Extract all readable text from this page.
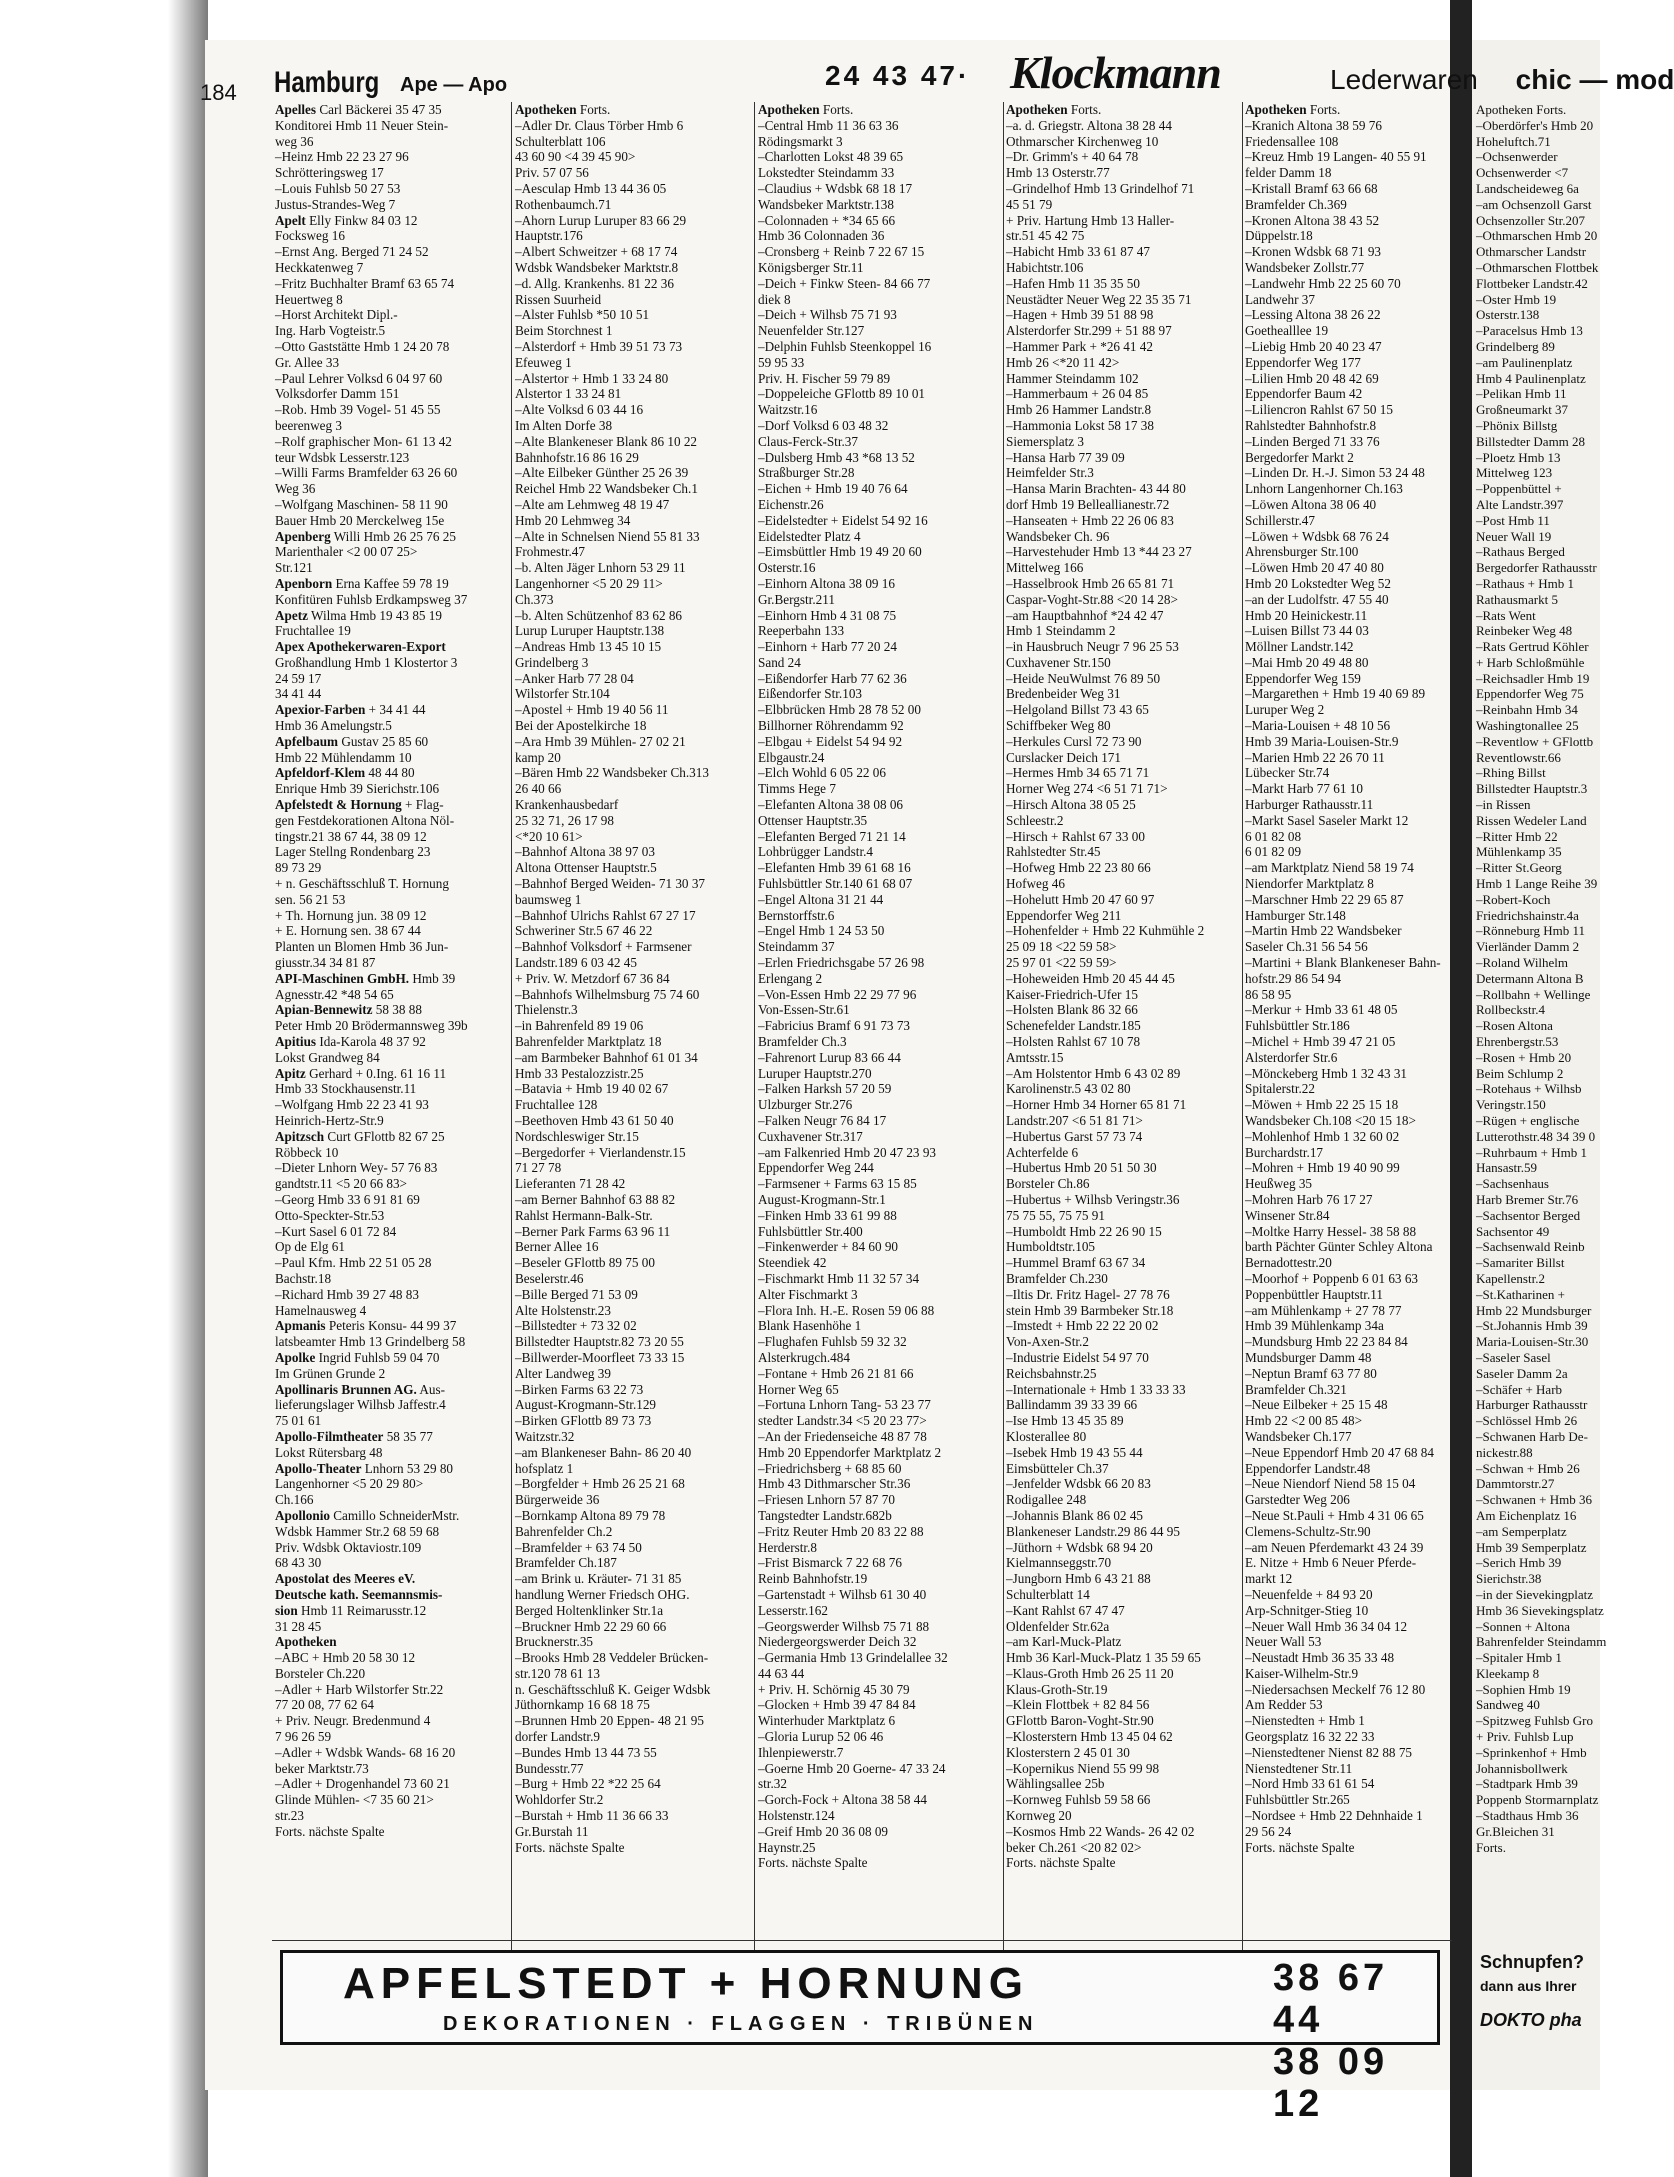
Apotheken Forts.
–Oberdörfer's Hmb 20
Hoheluftch.71
–Ochsenwerder
Ochsenwerder <7
Landscheideweg 6a
–am Ochsenzoll Garst
Ochsenzoller Str.207
–Othmarschen Hmb 20
Othmarscher Landstr
–Othmarschen Flottbek
Flottbeker Landstr.42
–Oster Hmb 19
Osterstr.138
–Paracelsus Hmb 13
Grindelberg 89
–am Paulinenplatz
Hmb 4 Paulinenplatz
–Pelikan Hmb 11
Großneumarkt 37
–Phönix Billstg
Billstedter Damm 28
–Ploetz Hmb 13
Mittelweg 123
–Poppenbüttel +
Alte Landstr.397
–Post Hmb 11
Neuer Wall 19
–Rathaus Berged
Bergedorfer Rathausstr
–Rathaus + Hmb 1
Rathausmarkt 5
–Rats Went
Reinbeker Weg 48
–Rats Gertrud Köhler
+ Harb Schloßmühle
–Reichsadler Hmb 19
Eppendorfer Weg 75
–Reinbahn Hmb 34
Washingtonallee 25
–Reventlow + GFlottb
Reventlowstr.66
–Rhing Billst
Billstedter Hauptstr.3
–in Rissen
Rissen Wedeler Land
–Ritter Hmb 22
Mühlenkamp 35
–Ritter St.Georg
Hmb 1 Lange Reihe 39
–Robert-Koch
Friedrichshainstr.4a
–Rönneburg Hmb 11
Vierländer Damm 2
–Roland Wilhelm
Determann Altona B
–Rollbahn + Wellinge
Rollbeckstr.4
–Rosen Altona
Ehrenbergstr.53
–Rosen + Hmb 20
Beim Schlump 2
–Rotehaus + Wilhsb
Veringstr.150
–Rügen + englische
Lutterothstr.48 34 39 0
–Ruhrbaum + Hmb 1
Hansastr.59
–Sachsenhaus
Harb Bremer Str.76
–Sachsentor Berged
Sachsentor 49
–Sachsenwald Reinb
–Samariter Billst
Kapellenstr.2
–St.Katharinen +
Hmb 22 Mundsburger
–St.Johannis Hmb 39
Maria-Louisen-Str.30
–Saseler Sasel
Saseler Damm 2a
–Schäfer + Harb
Harburger Rathausstr
–Schlössel Hmb 26
–Schwanen Harb De-
nickestr.88
–Schwan + Hmb 26
Dammtorstr.27
–Schwanen + Hmb 36
Am Eichenplatz 16
–am Semperplatz
Hmb 39 Semperplatz
–Serich Hmb 39
Sierichstr.38
–in der Sievekingplatz
Hmb 36 Sievekingsplatz
–Sonnen + Altona
Bahrenfelder Steindamm
–Spitaler Hmb 1
Kleekamp 8
–Sophien Hmb 19
Sandweg 40
–Spitzweg Fuhlsb Gro
+ Priv. Fuhlsb Lup
–Sprinkenhof + Hmb
Johannisbollwerk
–Stadtpark Hmb 39
Poppenb Stormarnplatz
–Stadthaus Hmb 36
Gr.Bleichen 31
Forts.
184 Hamburg Ape — Apo	24 43 47· Klockmann	Lederwaren chic — mod
Apelles Carl Bäckerei 35 47 35
Konditorei Hmb 11 Neuer Stein-
weg 36
–Heinz Hmb 22 23 27 96
Schrötteringsweg 17
–Louis Fuhlsb 50 27 53
Justus-Strandes-Weg 7
Apelt Elly Finkw 84 03 12
Focksweg 16
–Ernst Ang. Berged 71 24 52
Heckkatenweg 7
–Fritz Buchhalter Bramf 63 65 74
Heuertweg 8
–Horst Architekt Dipl.-
Ing. Harb Vogteistr.5
–Otto Gaststätte Hmb 1 24 20 78
Gr. Allee 33
–Paul Lehrer Volksd 6 04 97 60
Volksdorfer Damm 151
–Rob. Hmb 39 Vogel- 51 45 55
beerenweg 3
–Rolf graphischer Mon- 61 13 42
teur Wdsbk Lesserstr.123
–Willi Farms Bramfelder 63 26 60
Weg 36
–Wolfgang Maschinen- 58 11 90
Bauer Hmb 20 Merckelweg 15e
Apenberg Willi Hmb 26 25 76 25
Marienthaler <2 00 07 25>
Str.121
Apenborn Erna Kaffee 59 78 19
Konfitüren Fuhlsb Erdkampsweg 37
Apetz Wilma Hmb 19 43 85 19
Fruchtallee 19
Apex Apothekerwaren-Export
Großhandlung Hmb 1 Klostertor 3
24 59 17
34 41 44
Apexior-Farben + 34 41 44
Hmb 36 Amelungstr.5
Apfelbaum Gustav 25 85 60
Hmb 22 Mühlendamm 10
Apfeldorf-Klem 48 44 80
Enrique Hmb 39 Sierichstr.106
Apfelstedt & Hornung + Flag-
gen Festdekorationen Altona Nöl-
tingstr.21 38 67 44, 38 09 12
Lager Stellng Rondenbarg 23
89 73 29
+ n. Geschäftsschluß T. Hornung
sen. 56 21 53
+ Th. Hornung jun. 38 09 12
+ E. Hornung sen. 38 67 44
Planten un Blomen Hmb 36 Jun-
giusstr.34 34 81 87
API-Maschinen GmbH. Hmb 39
Agnesstr.42 *48 54 65
Apian-Bennewitz 58 38 88
Peter Hmb 20 Brödermannsweg 39b
Apitius Ida-Karola 48 37 92
Lokst Grandweg 84
Apitz Gerhard + 0.Ing. 61 16 11
Hmb 33 Stockhausenstr.11
–Wolfgang Hmb 22 23 41 93
Heinrich-Hertz-Str.9
Apitzsch Curt GFlottb 82 67 25
Röbbeck 10
–Dieter Lnhorn Wey- 57 76 83
gandtstr.11 <5 20 66 83>
–Georg Hmb 33 6 91 81 69
Otto-Speckter-Str.53
–Kurt Sasel 6 01 72 84
Op de Elg 61
–Paul Kfm. Hmb 22 51 05 28
Bachstr.18
–Richard Hmb 39 27 48 83
Hamelnausweg 4
Apmanis Peteris Konsu- 44 99 37
latsbeamter Hmb 13 Grindelberg 58
Apolke Ingrid Fuhlsb 59 04 70
Im Grünen Grunde 2
Apollinaris Brunnen AG. Aus-
lieferungslager Wilhsb Jaffestr.4
75 01 61
Apollo-Filmtheater 58 35 77
Lokst Rütersbarg 48
Apollo-Theater Lnhorn 53 29 80
Langenhorner <5 20 29 80>
Ch.166
Apollonio Camillo SchneiderMstr.
Wdsbk Hammer Str.2 68 59 68
Priv. Wdsbk Oktaviostr.109
68 43 30
Apostolat des Meeres eV.
Deutsche kath. Seemannsmis-
sion Hmb 11 Reimarusstr.12
31 28 45
Apotheken
–ABC + Hmb 20 58 30 12
Borsteler Ch.220
–Adler + Harb Wilstorfer Str.22
77 20 08, 77 62 64
+ Priv. Neugr. Bredenmund 4
7 96 26 59
–Adler + Wdsbk Wands- 68 16 20
beker Marktstr.73
–Adler + Drogenhandel 73 60 21
Glinde Mühlen- <7 35 60 21>
str.23
Forts. nächste Spalte
Apotheken Forts.
–Adler Dr. Claus Törber Hmb 6
Schulterblatt 106
43 60 90 <4 39 45 90>
Priv. 57 07 56
–Aesculap Hmb 13 44 36 05
Rothenbaumch.71
–Ahorn Lurup Luruper 83 66 29
Hauptstr.176
–Albert Schweitzer + 68 17 74
Wdsbk Wandsbeker Marktstr.8
–d. Allg. Krankenhs. 81 22 36
Rissen Suurheid
–Alster Fuhlsb *50 10 51
Beim Storchnest 1
–Alsterdorf + Hmb 39 51 73 73
Efeuweg 1
–Alstertor + Hmb 1 33 24 80
Alstertor 1 33 24 81
–Alte Volksd 6 03 44 16
Im Alten Dorfe 38
–Alte Blankeneser Blank 86 10 22
Bahnhofstr.16 86 16 29
–Alte Eilbeker Günther 25 26 39
Reichel Hmb 22 Wandsbeker Ch.1
–Alte am Lehmweg 48 19 47
Hmb 20 Lehmweg 34
–Alte in Schnelsen Niend 55 81 33
Frohmestr.47
–b. Alten Jäger Lnhorn 53 29 11
Langenhorner <5 20 29 11>
Ch.373
–b. Alten Schützenhof 83 62 86
Lurup Luruper Hauptstr.138
–Andreas Hmb 13 45 10 15
Grindelberg 3
–Anker Harb 77 28 04
Wilstorfer Str.104
–Apostel + Hmb 19 40 56 11
Bei der Apostelkirche 18
–Ara Hmb 39 Mühlen- 27 02 21
kamp 20
–Bären Hmb 22 Wandsbeker Ch.313
26 40 66
Krankenhausbedarf
25 32 71, 26 17 98
<*20 10 61>
–Bahnhof Altona 38 97 03
Altona Ottenser Hauptstr.5
–Bahnhof Berged Weiden- 71 30 37
baumsweg 1
–Bahnhof Ulrichs Rahlst 67 27 17
Schweriner Str.5 67 46 22
–Bahnhof Volksdorf + Farmsener
Landstr.189 6 03 42 45
+ Priv. W. Metzdorf 67 36 84
–Bahnhofs Wilhelmsburg 75 74 60
Thielenstr.3
–in Bahrenfeld 89 19 06
Bahrenfelder Marktplatz 18
–am Barmbeker Bahnhof 61 01 34
Hmb 33 Pestalozzistr.25
–Batavia + Hmb 19 40 02 67
Fruchtallee 128
–Beethoven Hmb 43 61 50 40
Nordschleswiger Str.15
–Bergedorfer + Vierlandenstr.15
71 27 78
Lieferanten 71 28 42
–am Berner Bahnhof 63 88 82
Rahlst Hermann-Balk-Str.
–Berner Park Farms 63 96 11
Berner Allee 16
–Beseler GFlottb 89 75 00
Beselerstr.46
–Bille Berged 71 53 09
Alte Holstenstr.23
–Billstedter + 73 32 02
Billstedter Hauptstr.82 73 20 55
–Billwerder-Moorfleet 73 33 15
Alter Landweg 39
–Birken Farms 63 22 73
August-Krogmann-Str.129
–Birken GFlottb 89 73 73
Waitzstr.32
–am Blankeneser Bahn- 86 20 40
hofsplatz 1
–Borgfelder + Hmb 26 25 21 68
Bürgerweide 36
–Bornkamp Altona 89 79 78
Bahrenfelder Ch.2
–Bramfelder + 63 74 50
Bramfelder Ch.187
–am Brink u. Kräuter- 71 31 85
handlung Werner Friedsch OHG.
Berged Holtenklinker Str.1a
–Bruckner Hmb 22 29 60 66
Brucknerstr.35
–Brooks Hmb 28 Veddeler Brücken-
str.120 78 61 13
n. Geschäftsschluß K. Geiger Wdsbk
Jüthornkamp 16 68 18 75
–Brunnen Hmb 20 Eppen- 48 21 95
dorfer Landstr.9
–Bundes Hmb 13 44 73 55
Bundesstr.77
–Burg + Hmb 22 *22 25 64
Wohldorfer Str.2
–Burstah + Hmb 11 36 66 33
Gr.Burstah 11
Forts. nächste Spalte
Apotheken Forts.
–Central Hmb 11 36 63 36
Rödingsmarkt 3
–Charlotten Lokst 48 39 65
Lokstedter Steindamm 33
–Claudius + Wdsbk 68 18 17
Wandsbeker Marktstr.138
–Colonnaden + *34 65 66
Hmb 36 Colonnaden 36
–Cronsberg + Reinb 7 22 67 15
Königsberger Str.11
–Deich + Finkw Steen- 84 66 77
diek 8
–Deich + Wilhsb 75 71 93
Neuenfelder Str.127
–Delphin Fuhlsb Steenkoppel 16
59 95 33
Priv. H. Fischer 59 79 89
–Doppeleiche GFlottb 89 10 01
Waitzstr.16
–Dorf Volksd 6 03 48 32
Claus-Ferck-Str.37
–Dulsberg Hmb 43 *68 13 52
Straßburger Str.28
–Eichen + Hmb 19 40 76 64
Eichenstr.26
–Eidelstedter + Eidelst 54 92 16
Eidelstedter Platz 4
–Eimsbüttler Hmb 19 49 20 60
Osterstr.16
–Einhorn Altona 38 09 16
Gr.Bergstr.211
–Einhorn Hmb 4 31 08 75
Reeperbahn 133
–Einhorn + Harb 77 20 24
Sand 24
–Eißendorfer Harb 77 62 36
Eißendorfer Str.103
–Elbbrücken Hmb 28 78 52 00
Billhorner Röhrendamm 92
–Elbgau + Eidelst 54 94 92
Elbgaustr.24
–Elch Wohld 6 05 22 06
Timms Hege 7
–Elefanten Altona 38 08 06
Ottenser Hauptstr.35
–Elefanten Berged 71 21 14
Lohbrügger Landstr.4
–Elefanten Hmb 39 61 68 16
Fuhlsbüttler Str.140 61 68 07
–Engel Altona 31 21 44
Bernstorffstr.6
–Engel Hmb 1 24 53 50
Steindamm 37
–Erlen Friedrichsgabe 57 26 98
Erlengang 2
–Von-Essen Hmb 22 29 77 96
Von-Essen-Str.61
–Fabricius Bramf 6 91 73 73
Bramfelder Ch.3
–Fahrenort Lurup 83 66 44
Luruper Hauptstr.270
–Falken Harksh 57 20 59
Ulzburger Str.276
–Falken Neugr 76 84 17
Cuxhavener Str.317
–am Falkenried Hmb 20 47 23 93
Eppendorfer Weg 244
–Farmsener + Farms 63 15 85
August-Krogmann-Str.1
–Finken Hmb 33 61 99 88
Fuhlsbüttler Str.400
–Finkenwerder + 84 60 90
Steendiek 42
–Fischmarkt Hmb 11 32 57 34
Alter Fischmarkt 3
–Flora Inh. H.-E. Rosen 59 06 88
Blank Hasenhöhe 1
–Flughafen Fuhlsb 59 32 32
Alsterkrugch.484
–Fontane + Hmb 26 21 81 66
Horner Weg 65
–Fortuna Lnhorn Tang- 53 23 77
stedter Landstr.34 <5 20 23 77>
–An der Friedenseiche 48 87 78
Hmb 20 Eppendorfer Marktplatz 2
–Friedrichsberg + 68 85 60
Hmb 43 Dithmarscher Str.36
–Friesen Lnhorn 57 87 70
Tangstedter Landstr.682b
–Fritz Reuter Hmb 20 83 22 88
Herderstr.8
–Frist Bismarck 7 22 68 76
Reinb Bahnhofstr.19
–Gartenstadt + Wilhsb 61 30 40
Lesserstr.162
–Georgswerder Wilhsb 75 71 88
Niedergeorgswerder Deich 32
–Germania Hmb 13 Grindelallee 32
44 63 44
+ Priv. H. Schörnig 45 30 79
–Glocken + Hmb 39 47 84 84
Winterhuder Marktplatz 6
–Gloria Lurup 52 06 46
Ihlenpiewerstr.7
–Goerne Hmb 20 Goerne- 47 33 24
str.32
–Gorch-Fock + Altona 38 58 44
Holstenstr.124
–Greif Hmb 20 36 08 09
Haynstr.25
Forts. nächste Spalte
Apotheken Forts.
–a. d. Griegstr. Altona 38 28 44
Othmarscher Kirchenweg 10
–Dr. Grimm's + 40 64 78
Hmb 13 Osterstr.77
–Grindelhof Hmb 13 Grindelhof 71
45 51 79
+ Priv. Hartung Hmb 13 Haller-
str.51 45 42 75
–Habicht Hmb 33 61 87 47
Habichtstr.106
–Hafen Hmb 11 35 35 50
Neustädter Neuer Weg 22 35 35 71
–Hagen + Hmb 39 51 88 98
Alsterdorfer Str.299 + 51 88 97
–Hammer Park + *26 41 42
Hmb 26 <*20 11 42>
Hammer Steindamm 102
–Hammerbaum + 26 04 85
Hmb 26 Hammer Landstr.8
–Hammonia Lokst 58 17 38
Siemersplatz 3
–Hansa Harb 77 39 09
Heimfelder Str.3
–Hansa Marin Brachten- 43 44 80
dorf Hmb 19 Belleallianestr.72
–Hanseaten + Hmb 22 26 06 83
Wandsbeker Ch. 96
–Harvestehuder Hmb 13 *44 23 27
Mittelweg 166
–Hasselbrook Hmb 26 65 81 71
Caspar-Voght-Str.88 <20 14 28>
–am Hauptbahnhof *24 42 47
Hmb 1 Steindamm 2
–in Hausbruch Neugr 7 96 25 53
Cuxhavener Str.150
–Heide NeuWulmst 76 89 50
Bredenbeider Weg 31
–Helgoland Billst 73 43 65
Schiffbeker Weg 80
–Herkules Cursl 72 73 90
Curslacker Deich 171
–Hermes Hmb 34 65 71 71
Horner Weg 274 <6 51 71 71>
–Hirsch Altona 38 05 25
Schleestr.2
–Hirsch + Rahlst 67 33 00
Rahlstedter Str.45
–Hofweg Hmb 22 23 80 66
Hofweg 46
–Hohelutt Hmb 20 47 60 97
Eppendorfer Weg 211
–Hohenfelder + Hmb 22 Kuhmühle 2
25 09 18 <22 59 58>
25 97 01 <22 59 59>
–Hoheweiden Hmb 20 45 44 45
Kaiser-Friedrich-Ufer 15
–Holsten Blank 86 32 66
Schenefelder Landstr.185
–Holsten Rahlst 67 10 78
Amtsstr.15
–Am Holstentor Hmb 6 43 02 89
Karolinenstr.5 43 02 80
–Horner Hmb 34 Horner 65 81 71
Landstr.207 <6 51 81 71>
–Hubertus Garst 57 73 74
Achterfelde 6
–Hubertus Hmb 20 51 50 30
Borsteler Ch.86
–Hubertus + Wilhsb Veringstr.36
75 75 55, 75 75 91
–Humboldt Hmb 22 26 90 15
Humboldtstr.105
–Hummel Bramf 63 67 34
Bramfelder Ch.230
–Iltis Dr. Fritz Hagel- 27 78 76
stein Hmb 39 Barmbeker Str.18
–Imstedt + Hmb 22 22 20 02
Von-Axen-Str.2
–Industrie Eidelst 54 97 70
Reichsbahnstr.25
–Internationale + Hmb 1 33 33 33
Ballindamm 39 33 39 66
–Ise Hmb 13 45 35 89
Klosterallee 80
–Isebek Hmb 19 43 55 44
Eimsbütteler Ch.37
–Jenfelder Wdsbk 66 20 83
Rodigallee 248
–Johannis Blank 86 02 45
Blankeneser Landstr.29 86 44 95
–Jüthorn + Wdsbk 68 94 20
Kielmannseggstr.70
–Jungborn Hmb 6 43 21 88
Schulterblatt 14
–Kant Rahlst 67 47 47
Oldenfelder Str.62a
–am Karl-Muck-Platz
Hmb 36 Karl-Muck-Platz 1 35 59 65
–Klaus-Groth Hmb 26 25 11 20
Klaus-Groth-Str.19
–Klein Flottbek + 82 84 56
GFlottb Baron-Voght-Str.90
–Klosterstern Hmb 13 45 04 62
Klosterstern 2 45 01 30
–Kopernikus Niend 55 99 98
Wählingsallee 25b
–Kornweg Fuhlsb 59 58 66
Kornweg 20
–Kosmos Hmb 22 Wands- 26 42 02
beker Ch.261 <20 82 02>
Forts. nächste Spalte
Apotheken Forts.
–Kranich Altona 38 59 76
Friedensallee 108
–Kreuz Hmb 19 Langen- 40 55 91
felder Damm 18
–Kristall Bramf 63 66 68
Bramfelder Ch.369
–Kronen Altona 38 43 52
Düppelstr.18
–Kronen Wdsbk 68 71 93
Wandsbeker Zollstr.77
–Landwehr Hmb 22 25 60 70
Landwehr 37
–Lessing Altona 38 26 22
Goethealllee 19
–Liebig Hmb 20 40 23 47
Eppendorfer Weg 177
–Lilien Hmb 20 48 42 69
Eppendorfer Baum 42
–Liliencron Rahlst 67 50 15
Rahlstedter Bahnhofstr.8
–Linden Berged 71 33 76
Bergedorfer Markt 2
–Linden Dr. H.-J. Simon 53 24 48
Lnhorn Langenhorner Ch.163
–Löwen Altona 38 06 40
Schillerstr.47
–Löwen + Wdsbk 68 76 24
Ahrensburger Str.100
–Löwen Hmb 20 47 40 80
Hmb 20 Lokstedter Weg 52
–an der Ludolfstr. 47 55 40
Hmb 20 Heinickestr.11
–Luisen Billst 73 44 03
Möllner Landstr.142
–Mai Hmb 20 49 48 80
Eppendorfer Weg 159
–Margarethen + Hmb 19 40 69 89
Luruper Weg 2
–Maria-Louisen + 48 10 56
Hmb 39 Maria-Louisen-Str.9
–Marien Hmb 22 26 70 11
Lübecker Str.74
–Markt Harb 77 61 10
Harburger Rathausstr.11
–Markt Sasel Saseler Markt 12
6 01 82 08
6 01 82 09
–am Marktplatz Niend 58 19 74
Niendorfer Marktplatz 8
–Marschner Hmb 22 29 65 87
Hamburger Str.148
–Martin Hmb 22 Wandsbeker
Saseler Ch.31 56 54 56
–Martini + Blank Blankeneser Bahn-
hofstr.29 86 54 94
86 58 95
–Merkur + Hmb 33 61 48 05
Fuhlsbüttler Str.186
–Michel + Hmb 39 47 21 05
Alsterdorfer Str.6
–Mönckeberg Hmb 1 32 43 31
Spitalerstr.22
–Möwen + Hmb 22 25 15 18
Wandsbeker Ch.108 <20 15 18>
–Mohlenhof Hmb 1 32 60 02
Burchardstr.17
–Mohren + Hmb 19 40 90 99
Heußweg 35
–Mohren Harb 76 17 27
Winsener Str.84
–Moltke Harry Hessel- 38 58 88
barth Pächter Günter Schley Altona
Bernadottestr.20
–Moorhof + Poppenb 6 01 63 63
Poppenbüttler Hauptstr.11
–am Mühlenkamp + 27 78 77
Hmb 39 Mühlenkamp 34a
–Mundsburg Hmb 22 23 84 84
Mundsburger Damm 48
–Neptun Bramf 63 77 80
Bramfelder Ch.321
–Neue Eilbeker + 25 15 48
Hmb 22 <2 00 85 48>
Wandsbeker Ch.177
–Neue Eppendorf Hmb 20 47 68 84
Eppendorfer Landstr.48
–Neue Niendorf Niend 58 15 04
Garstedter Weg 206
–Neue St.Pauli + Hmb 4 31 06 65
Clemens-Schultz-Str.90
–am Neuen Pferdemarkt 43 24 39
E. Nitze + Hmb 6 Neuer Pferde-
markt 12
–Neuenfelde + 84 93 20
Arp-Schnitger-Stieg 10
–Neuer Wall Hmb 36 34 04 12
Neuer Wall 53
–Neustadt Hmb 36 35 33 48
Kaiser-Wilhelm-Str.9
–Niedersachsen Meckelf 76 12 80
Am Redder 53
–Nienstedten + Hmb 1
Georgsplatz 16 32 22 33
–Nienstedtener Nienst 82 88 75
Nienstedtener Str.11
–Nord Hmb 33 61 61 54
Fuhlsbüttler Str.265
–Nordsee + Hmb 22 Dehnhaide 1
29 56 24
Forts. nächste Spalte
APFELSTEDT + HORNUNG
DEKORATIONEN · FLAGGEN · TRIBÜNEN
38 67 44
38 09 12
Schnupfen?
dann aus Ihrer
DOKTO pha
